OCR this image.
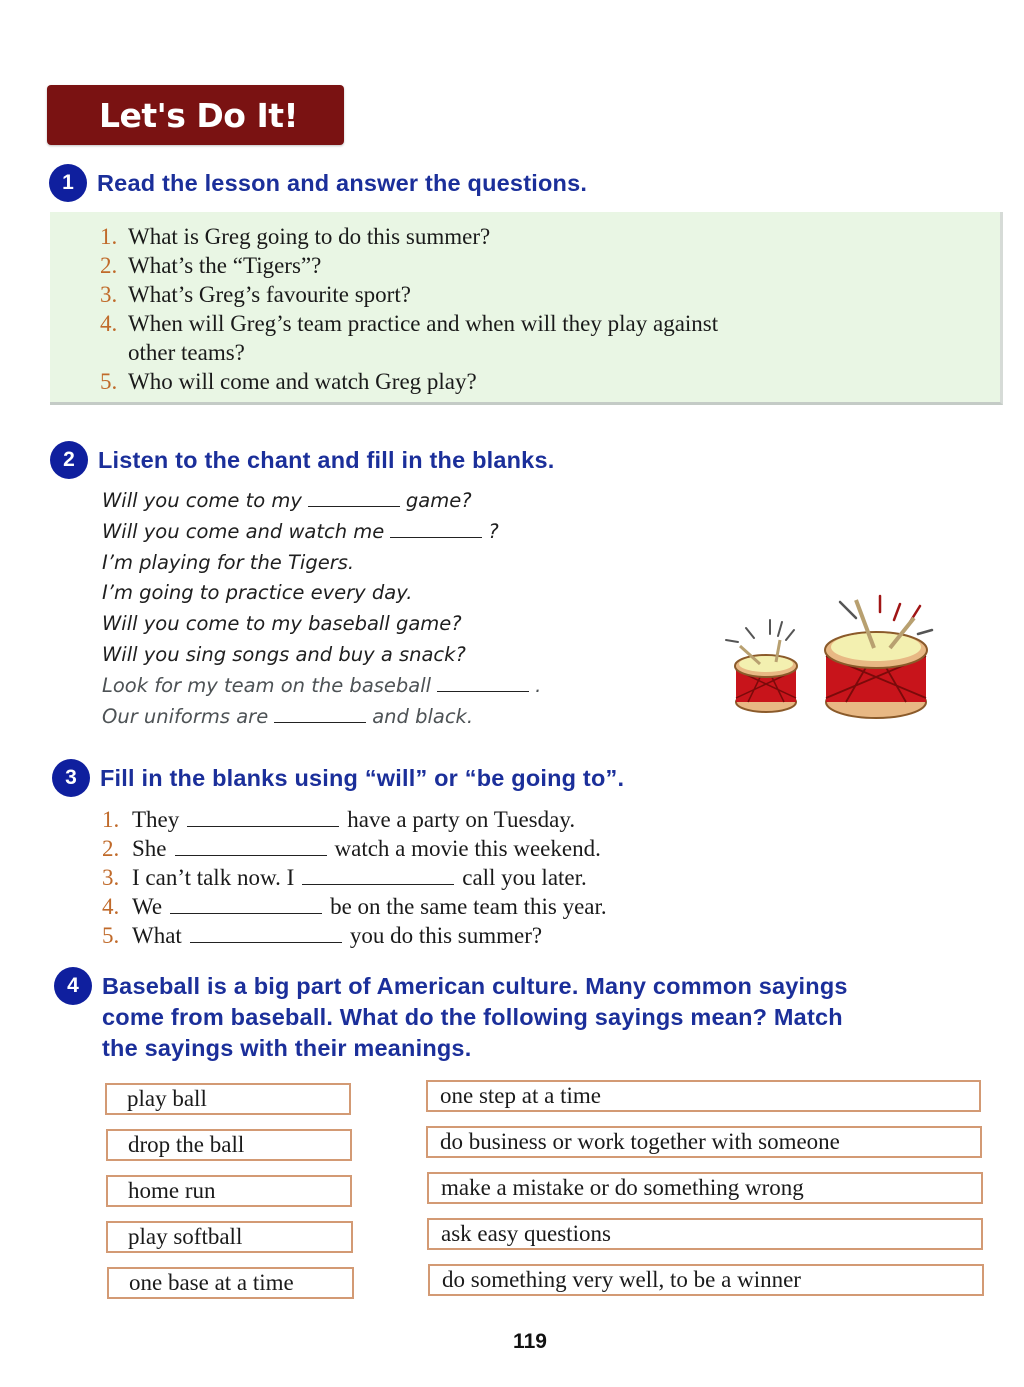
Let's Do It!
1 Read the lesson and answer the questions.
1. What is Greg going to do this summer?
2. What’s the “Tigers”?
3. What’s Greg’s favourite sport?
4. When will Greg’s team practice and when will they play against
other teams?
5. Who will come and watch Greg play?
2 Listen to the chant and fill in the blanks.
Will you come to my	game?
Will you come and watch me	?
I’m playing for the Tigers.
I’m going to practice every day.
Will you come to my baseball game?
Will you sing songs and buy a snack?
Look for my team on the baseball	.
Our uniforms are	and black.
3 Fill in the blanks using “will” or “be going to”.
1. They	have a party on Tuesday.
2. She	watch a movie this weekend.
3. I can’t talk now. I	call you later.
4. We	be on the same team this year.
5. What	you do this summer?
4 Baseball is a big part of American culture. Many common sayings
come from baseball. What do the following sayings mean? Match
the sayings with their meanings.
play ball
drop the ball
home run
play softball
one base at a time
one step at a time
do business or work together with someone
make a mistake or do something wrong
ask easy questions
do something very well, to be a winner
119
